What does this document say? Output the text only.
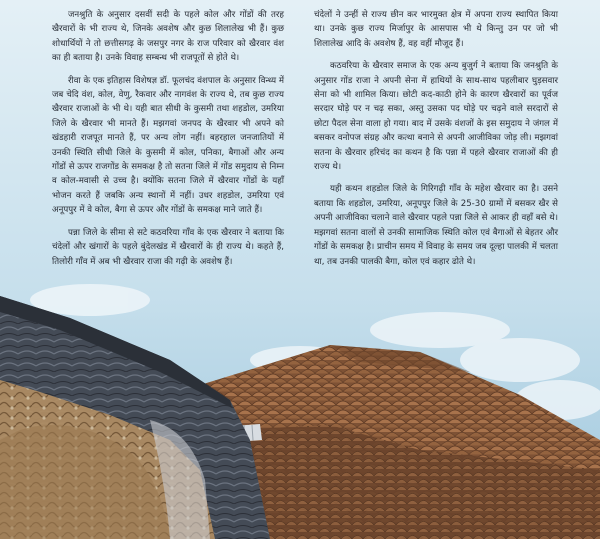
जनश्रुति के अनुसार दसवीं सदी के पहले कोल और गोंडों की तरह खैरवारों के भी राज्य थे, जिनके अवशेष और कुछ शिलालेख भी हैं। कुछ शोधार्थियों ने तो छत्तीसगढ़ के जसपुर नगर के राज परिवार को खैरवार वंश का ही बताया है। उनके विवाह सम्बन्ध भी राजपूतों से होते थे।

रीवा के एक इतिहास विशेषज्ञ डॉ. फूलचंद वंशपाल के अनुसार विन्ध्य में जब चेदि वंश, कोल, वेणु, रैकवार और नागवंश के राज्य थे, तब कुछ राज्य खैरवार राजाओं के भी थे। यही बात सीधी के कुसमी तथा शहडोल, उमरिया जिले के खैरवार भी मानते हैं। मझगवां जनपद के खैरवार भी अपने को खंडहारी राजपूत मानते हैं, पर अन्य लोग नहीं। बहरहाल जनजातियों में उनकी स्थिति सीधी जिले के कुसमी में कोल, पनिका, बैगाओं और अन्य गोंडों से ऊपर राजगोंड के समकक्ष है तो सतना जिले में गोंड समुदाय से निम्न व कोल-मवासी से उच्च है। क्योंकि सतना जिले में खैरवार गोंडों के यहाँ भोजन करते हैं जबकि अन्य स्थानों में नहीं। उधर शहडोल, उमरिया एवं अनूपपुर में वे कोल, बैगा से ऊपर और गोंडों के समकक्ष माने जाते हैं।

पन्ना जिले के सीमा से सटे कठवरिया गाँव के एक खैरवार ने बताया कि चंदेलों और खंगारों के पहले बुंदेलखंड में खैरवारों के ही राज्य थे। कहते हैं, तिलोरी गाँव में अब भी खैरवार राजा की गढ़ी के अवशेष हैं।

चंदेलों ने उन्हीं से राज्य छीन कर भारमुक्त क्षेत्र में अपना राज्य स्थापित किया था। उनके कुछ राज्य मिर्जापुर के आसपास भी थे किन्तु उन पर जो भी शिलालेख आदि के अवशेष हैं, वह वहीं मौजूद हैं।

कठवरिया के खैरवार समाज के एक अन्य बुजुर्ग ने बताया कि जनश्रुति के अनुसार गोंड राजा ने अपनी सेना में हाथियों के साथ-साथ पहलीबार घुड़सवार सेना को भी शामिल किया। छोटी कद-काठी होने के कारण खैरवारों का पूर्वज सरदार घोड़े पर न चढ़ सका, अस्तु उसका पद घोड़े पर चढ़ने वाले सरदारों से छोटा पैदल सेना वाला हो गया। बाद में उसके वंशजों के इस समुदाय ने जंगल में बसकर वनोपज संग्रह और कत्था बनाने से अपनी आजीविका जोड़ ली। मझगवां सतना के खैरवार हरिचंद का कथन है कि पन्ना में पहले खैरवार राजाओं की ही राज्य थे।

यही कथन शहडोल जिले के गिरिगढ़ी गाँव के महेश खैरवार का है। उसने बताया कि शहडोल, उमरिया, अनूपपुर जिले के 25-30 ग्रामों में बसकर खैर से अपनी आजीविका चलाने वाले खैरवार पहले पन्ना जिले से आकर ही वहाँ बसे थे। मझगवां सतना वालों से उनकी सामाजिक स्थिति कोल एवं बैगाओं से बेहतर और गोंडों के समकक्ष है। प्राचीन समय में विवाह के समय जब दूल्हा पालकी में चलता था, तब उनकी पालकी बैगा, कोल एवं कहार ढोते थे।
